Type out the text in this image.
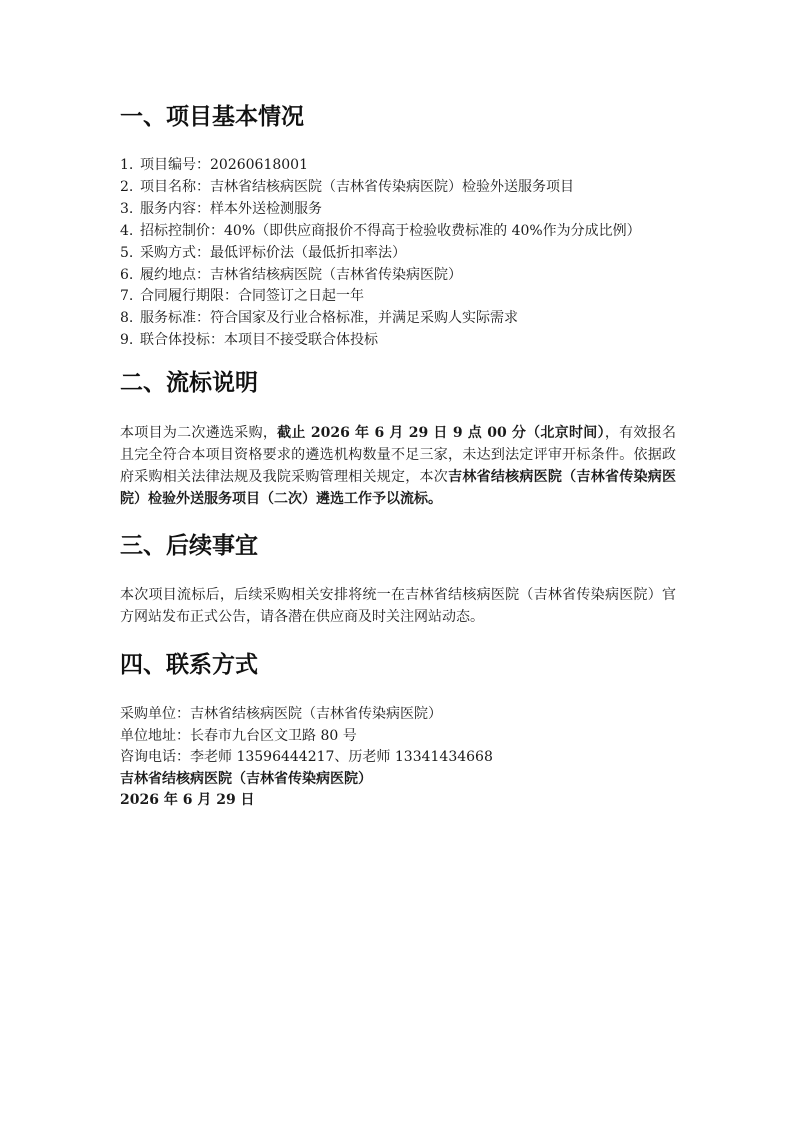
一、项目基本情况
1. 项目编号：20260618001
2. 项目名称：吉林省结核病医院（吉林省传染病医院）检验外送服务项目
3. 服务内容：样本外送检测服务
4. 招标控制价：40%（即供应商报价不得高于检验收费标准的 40%作为分成比例）
5. 采购方式：最低评标价法（最低折扣率法）
6. 履约地点：吉林省结核病医院（吉林省传染病医院）
7. 合同履行期限：合同签订之日起一年
8. 服务标准：符合国家及行业合格标准，并满足采购人实际需求
9. 联合体投标：本项目不接受联合体投标
二、流标说明

本项目为二次遴选采购，截止 2026 年 6 月 29 日 9 点 00 分（北京时间），有效报名且完全符合本项目资格要求的遴选机构数量不足三家，未达到法定评审开标条件。依据政府采购相关法律法规及我院采购管理相关规定，本次吉林省结核病医院（吉林省传染病医院）检验外送服务项目（二次）遴选工作予以流标。

三、后续事宜

本次项目流标后，后续采购相关安排将统一在吉林省结核病医院（吉林省传染病医院）官方网站发布正式公告，请各潜在供应商及时关注网站动态。

四、联系方式
采购单位：吉林省结核病医院（吉林省传染病医院）
单位地址：长春市九台区文卫路 80 号
咨询电话：李老师 13596444217、历老师 13341434668
吉林省结核病医院（吉林省传染病医院）
2026 年 6 月 29 日
